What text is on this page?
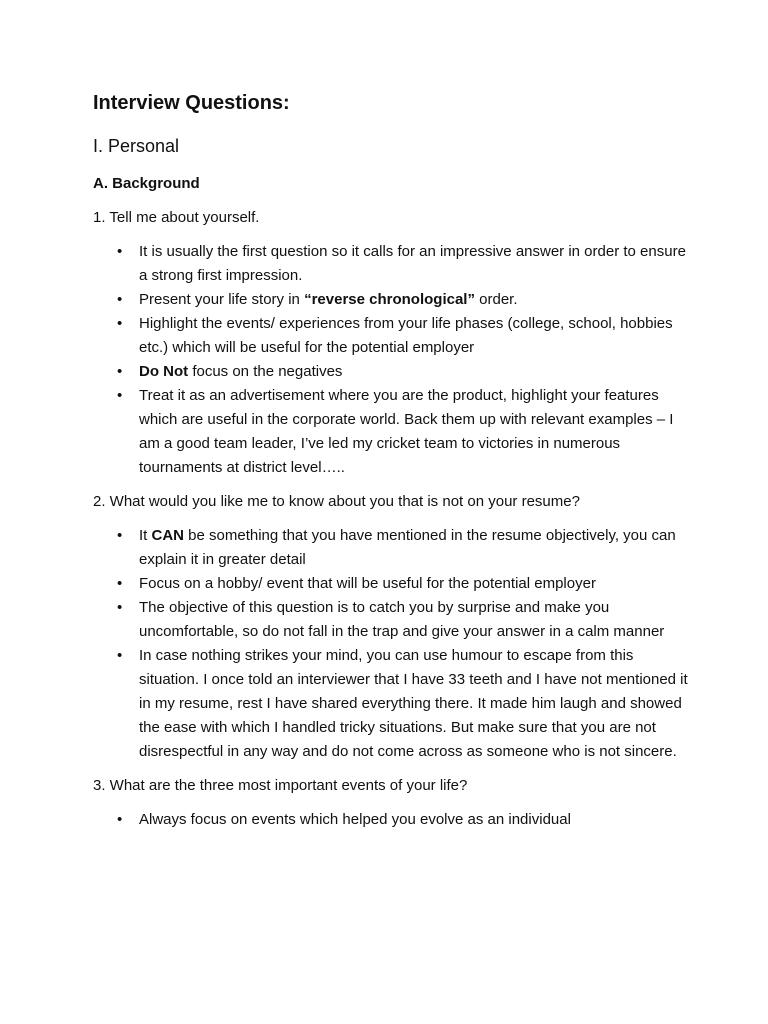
Interview Questions:
I. Personal
A. Background

1. Tell me about yourself.

• It is usually the first question so it calls for an impressive answer in order to ensure a strong first impression.
• Present your life story in “reverse chronological” order.
• Highlight the events/ experiences from your life phases (college, school, hobbies etc.) which will be useful for the potential employer
• Do Not focus on the negatives
• Treat it as an advertisement where you are the product, highlight your features which are useful in the corporate world. Back them up with relevant examples – I am a good team leader, I’ve led my cricket team to victories in numerous tournaments at district level…..

2. What would you like me to know about you that is not on your resume?

• It CAN be something that you have mentioned in the resume objectively, you can explain it in greater detail
• Focus on a hobby/ event that will be useful for the potential employer
• The objective of this question is to catch you by surprise and make you uncomfortable, so do not fall in the trap and give your answer in a calm manner
• In case nothing strikes your mind, you can use humour to escape from this situation. I once told an interviewer that I have 33 teeth and I have not mentioned it in my resume, rest I have shared everything there. It made him laugh and showed the ease with which I handled tricky situations. But make sure that you are not disrespectful in any way and do not come across as someone who is not sincere.

3. What are the three most important events of your life?

• Always focus on events which helped you evolve as an individual
